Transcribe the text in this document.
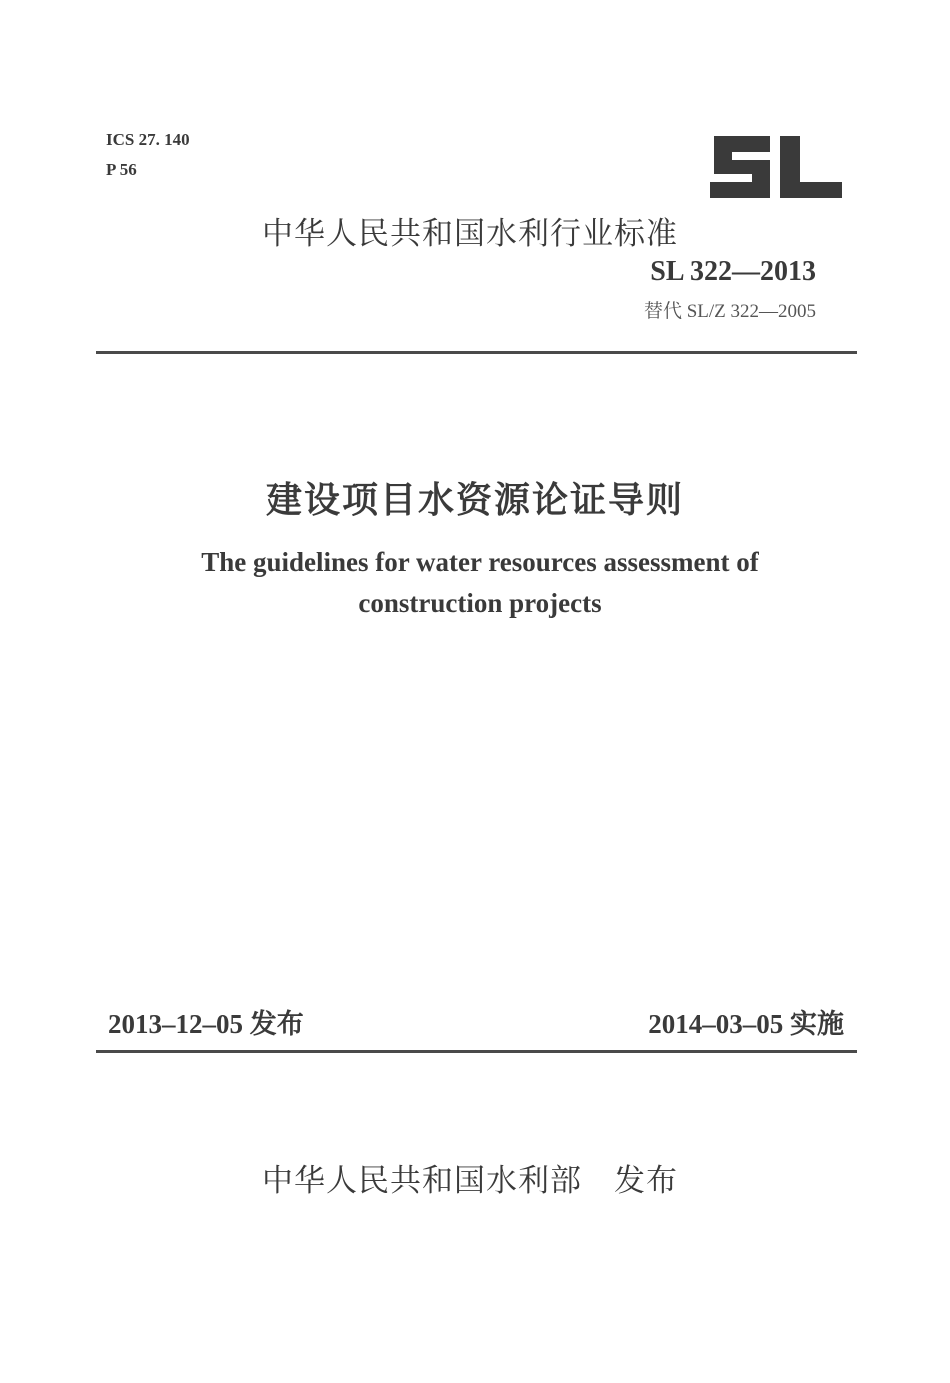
ICS 27. 140
P 56
中华人民共和国水利行业标准
SL 322—2013
替代 SL/Z 322—2005
建设项目水资源论证导则
The guidelines for water resources assessment of construction projects
2013–12–05 发布	2014–03–05 实施
中华人民共和国水利部　发布
